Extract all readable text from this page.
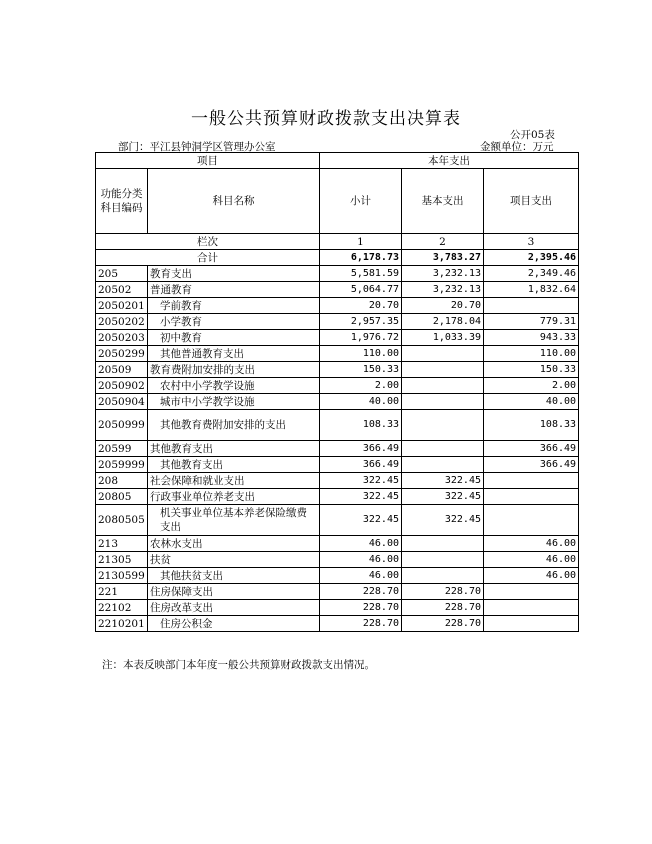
一般公共预算财政拨款支出决算表
公开05表
部门：平江县钟洞学区管理办公室	金额单位：万元
项目		本年支出		
功能分类科目编码	科目名称	小计	基本支出	项目支出
栏次		1	2	3
合计		6,178.73	3,783.27	2,395.46
205	教育支出	5,581.59	3,232.13	2,349.46
20502	普通教育	5,064.77	3,232.13	1,832.64
2050201	学前教育	20.70	20.70	
2050202	小学教育	2,957.35	2,178.04	779.31
2050203	初中教育	1,976.72	1,033.39	943.33
2050299	其他普通教育支出	110.00		110.00
20509	教育费附加安排的支出	150.33		150.33
2050902	农村中小学教学设施	2.00		2.00
2050904	城市中小学教学设施	40.00		40.00
2050999	其他教育费附加安排的支出	108.33		108.33
20599	其他教育支出	366.49		366.49
2059999	其他教育支出	366.49		366.49
208	社会保障和就业支出	322.45	322.45	
20805	行政事业单位养老支出	322.45	322.45	
2080505	机关事业单位基本养老保险缴费支出	322.45	322.45	
213	农林水支出	46.00		46.00
21305	扶贫	46.00		46.00
2130599	其他扶贫支出	46.00		46.00
221	住房保障支出	228.70	228.70	
22102	住房改革支出	228.70	228.70	
2210201	住房公积金	228.70	228.70	
注：本表反映部门本年度一般公共预算财政拨款支出情况。
